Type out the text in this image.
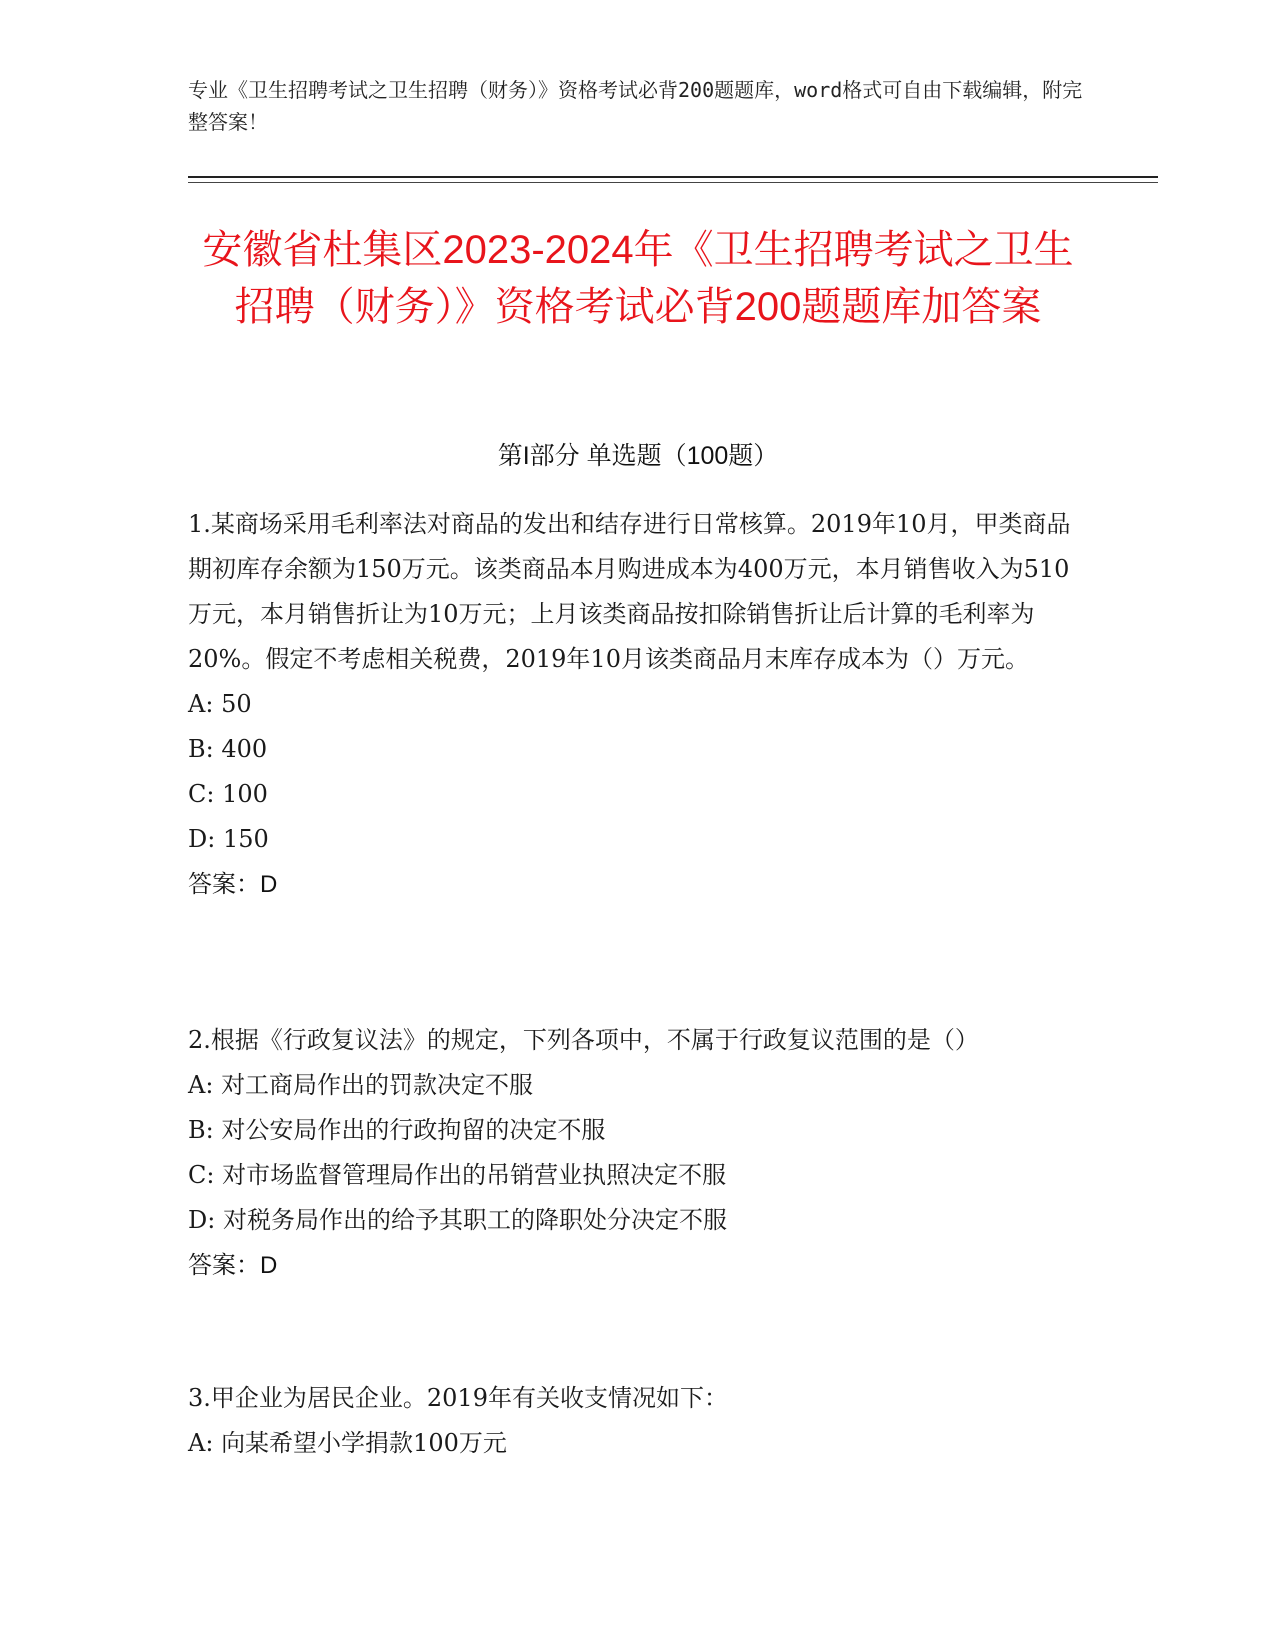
专业《卫生招聘考试之卫生招聘（财务）》资格考试必背200题题库，word格式可自由下载编辑，附完整答案！
安徽省杜集区2023-2024年《卫生招聘考试之卫生招聘（财务）》资格考试必背200题题库加答案
第I部分 单选题（100题）
1.某商场采用毛利率法对商品的发出和结存进行日常核算。2019年10月，甲类商品期初库存余额为150万元。该类商品本月购进成本为400万元，本月销售收入为510万元，本月销售折让为10万元；上月该类商品按扣除销售折让后计算的毛利率为20%。假定不考虑相关税费，2019年10月该类商品月末库存成本为（）万元。
A: 50
B: 400
C: 100
D: 150
答案：D
2.根据《行政复议法》的规定，下列各项中，不属于行政复议范围的是（）
A: 对工商局作出的罚款决定不服
B: 对公安局作出的行政拘留的决定不服
C: 对市场监督管理局作出的吊销营业执照决定不服
D: 对税务局作出的给予其职工的降职处分决定不服
答案：D
3.甲企业为居民企业。2019年有关收支情况如下：
A: 向某希望小学捐款100万元
